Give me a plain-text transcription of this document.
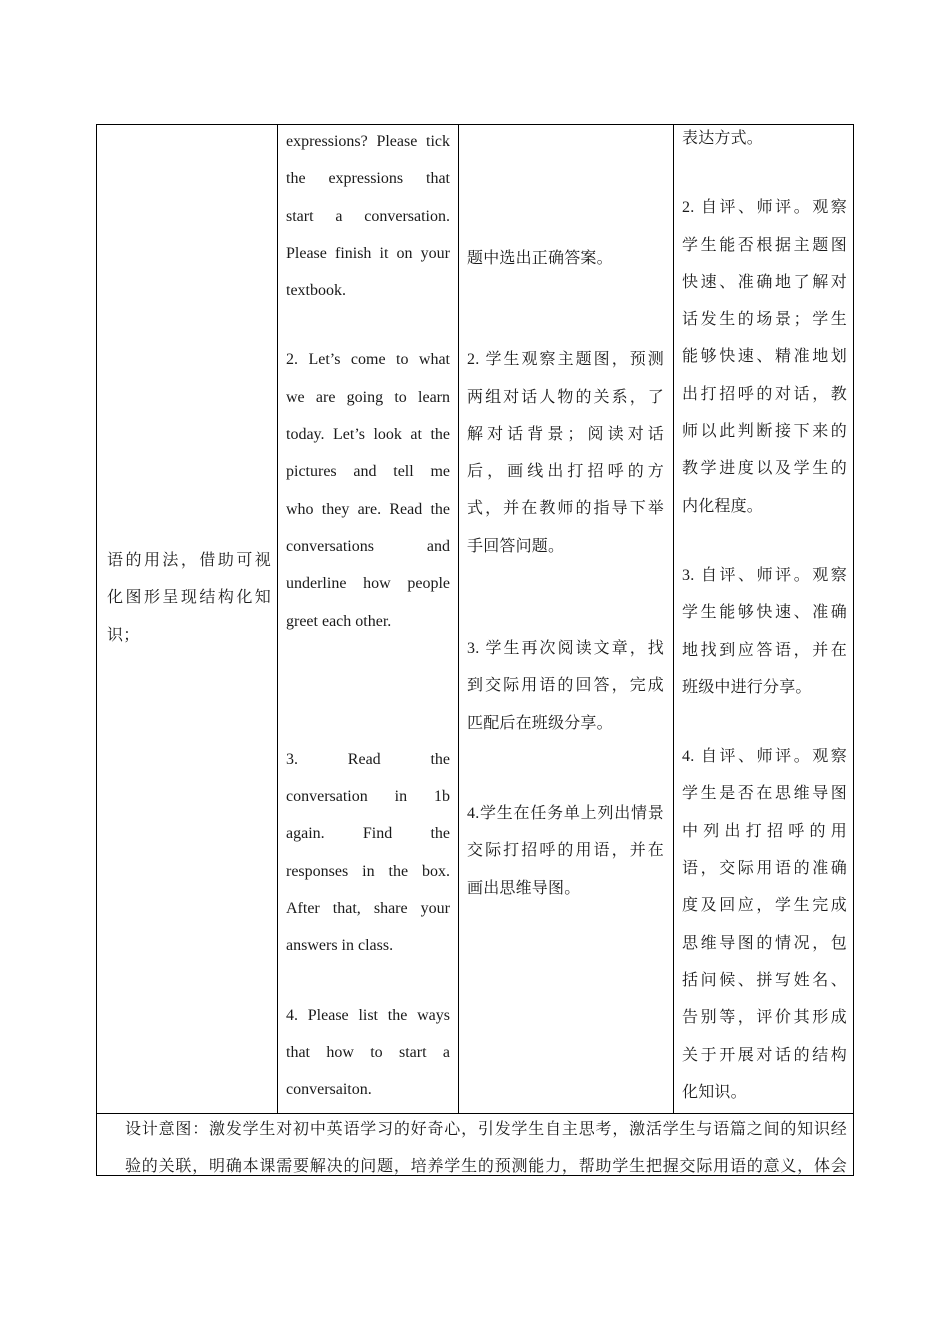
语的用法，借助可视
化图形呈现结构化知
识；
expressions? Please tick
the expressions that
start a conversation.
Please finish it on your
textbook.
2. Let’s come to what
we are going to learn
today. Let’s look at the
pictures and tell me
who they are. Read the
conversations and
underline how people
greet each other.
3. Read the
conversation in 1b
again. Find the
responses in the box.
After that, share your
answers in class.
4. Please list the ways
that how to start a
conversaiton.
题中选出正确答案。
2. 学生观察主题图，预测
两组对话人物的关系，了
解对话背景；阅读对话
后，画线出打招呼的方
式，并在教师的指导下举
手回答问题。
3. 学生再次阅读文章，找
到交际用语的回答，完成
匹配后在班级分享。
4.学生在任务单上列出情景
交际打招呼的用语，并在
画出思维导图。
表达方式。
2. 自评、师评。观察
学生能否根据主题图
快速、准确地了解对
话发生的场景；学生
能够快速、精准地划
出打招呼的对话，教
师以此判断接下来的
教学进度以及学生的
内化程度。
3. 自评、师评。观察
学生能够快速、准确
地找到应答语，并在
班级中进行分享。
4. 自评、师评。观察
学生是否在思维导图
中列出打招呼的用
语，交际用语的准确
度及回应，学生完成
思维导图的情况，包
括问候、拼写姓名、
告别等，评价其形成
关于开展对话的结构
化知识。
设计意图：激发学生对初中英语学习的好奇心，引发学生自主思考，激活学生与语篇之间的知识经
验的关联，明确本课需要解决的问题，培养学生的预测能力，帮助学生把握交际用语的意义，体会
